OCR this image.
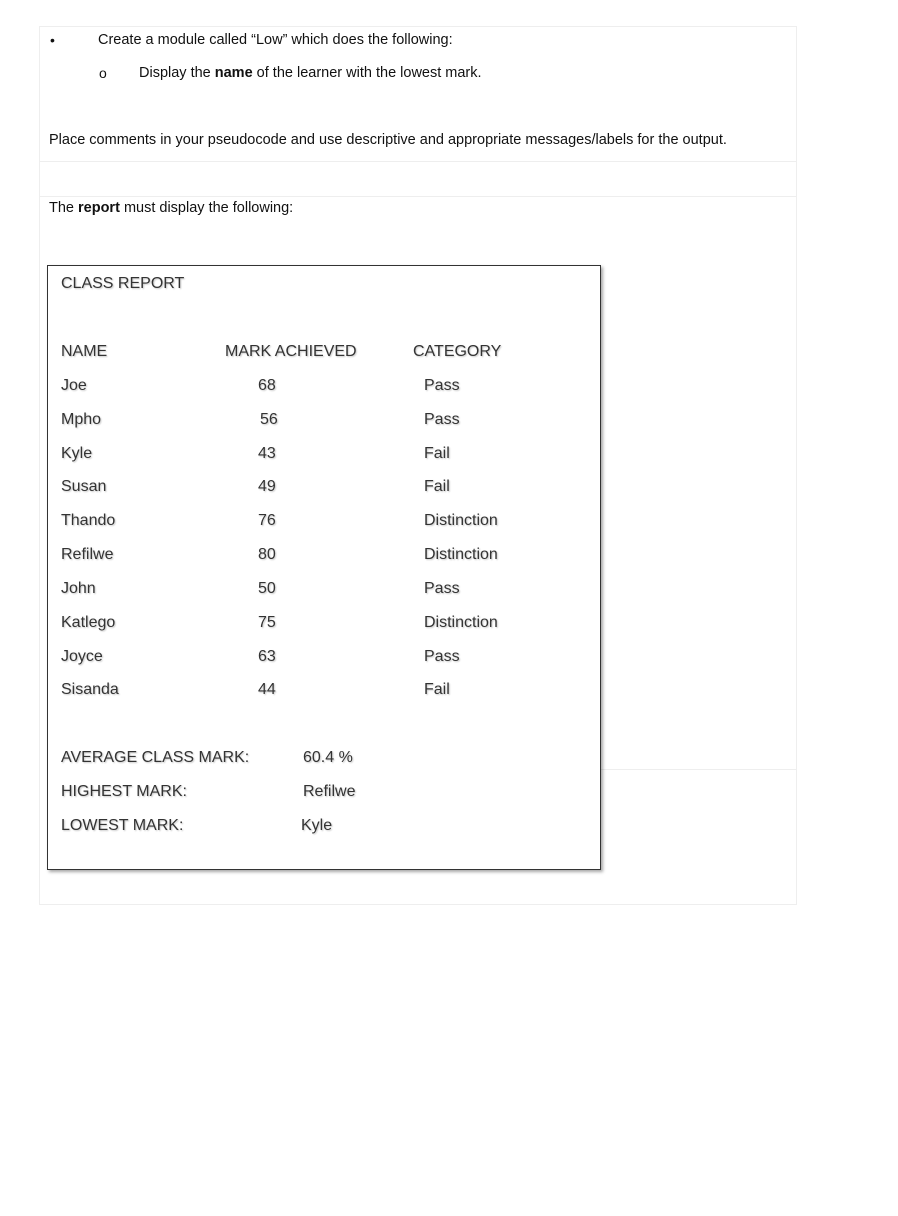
•	Create a module called “Low” which does the following:
o Display the name of the learner with the lowest mark.
Place comments in your pseudocode and use descriptive and appropriate messages/labels for the output.
The report must display the following:
CLASS REPORT
NAME	MARK ACHIEVED	CATEGORY
Joe	68	Pass
Mpho	56	Pass
Kyle	43	Fail
Susan	49	Fail
Thando	76	Distinction
Refilwe	80	Distinction
John	50	Pass
Katlego	75	Distinction
Joyce	63	Pass
Sisanda	44	Fail
AVERAGE CLASS MARK:	60.4 %
HIGHEST MARK:	Refilwe
LOWEST MARK:	Kyle
